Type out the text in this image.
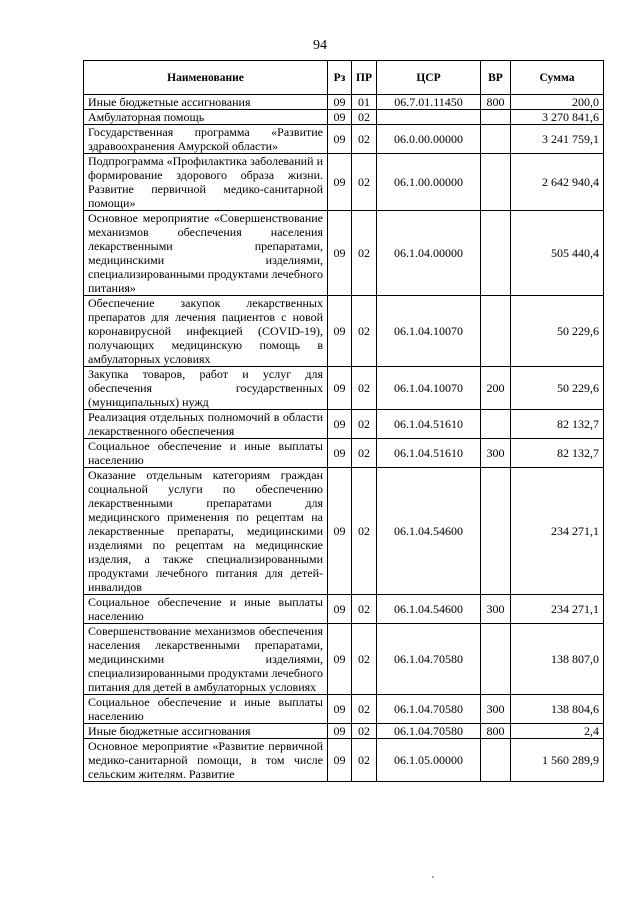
94
Наименование	Рз	ПР	ЦСР	ВР	Сумма
Иные бюджетные ассигнования	09	01	06.7.01.11450	800	200,0
Амбулаторная помощь	09	02			3 270 841,6
Государственная программа «Развитие здравоохранения Амурской области»	09	02	06.0.00.00000		3 241 759,1
Подпрограмма «Профилактика заболеваний и формирование здорового образа жизни. Развитие первичной медико-санитарной помощи»	09	02	06.1.00.00000		2 642 940,4
Основное мероприятие «Совершенствование механизмов обеспечения населения лекарственными препаратами, медицинскими изделиями, специализированными продуктами лечебного питания»	09	02	06.1.04.00000		505 440,4
Обеспечение закупок лекарственных препаратов для лечения пациентов с новой коронавирусной инфекцией (COVID-19), получающих медицинскую помощь в амбулаторных условиях	09	02	06.1.04.10070		50 229,6
Закупка товаров, работ и услуг для обеспечения государственных (муниципальных) нужд	09	02	06.1.04.10070	200	50 229,6
Реализация отдельных полномочий в области лекарственного обеспечения	09	02	06.1.04.51610		82 132,7
Социальное обеспечение и иные выплаты населению	09	02	06.1.04.51610	300	82 132,7
Оказание отдельным категориям граждан социальной услуги по обеспечению лекарственными препаратами для медицинского применения по рецептам на лекарственные препараты, медицинскими изделиями по рецептам на медицинские изделия, а также специализированными продуктами лечебного питания для детей-инвалидов	09	02	06.1.04.54600		234 271,1
Социальное обеспечение и иные выплаты населению	09	02	06.1.04.54600	300	234 271,1
Совершенствование механизмов обеспечения населения лекарственными препаратами, медицинскими изделиями, специализированными продуктами лечебного питания для детей в амбулаторных условиях	09	02	06.1.04.70580		138 807,0
Социальное обеспечение и иные выплаты населению	09	02	06.1.04.70580	300	138 804,6
Иные бюджетные ассигнования	09	02	06.1.04.70580	800	2,4
Основное мероприятие «Развитие первичной медико-санитарной помощи, в том числе сельским жителям. Развитие	09	02	06.1.05.00000		1 560 289,9
